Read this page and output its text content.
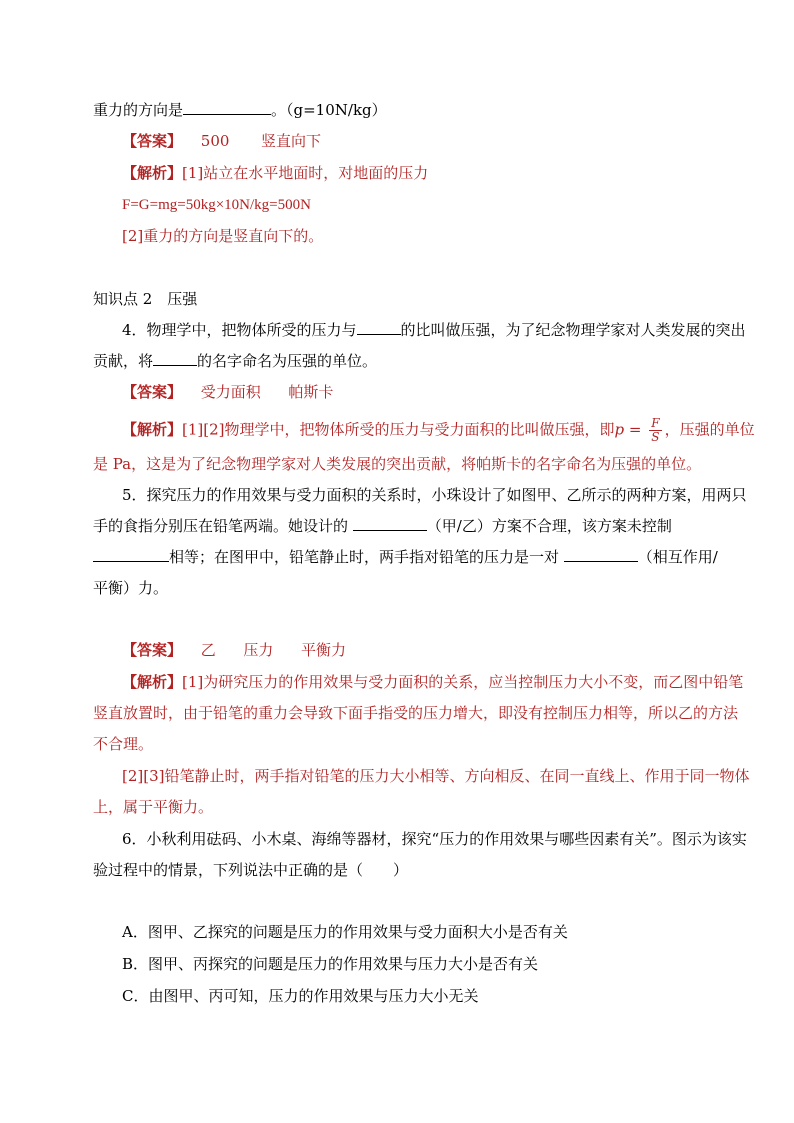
重力的方向是	。（g=10N/kg）
【答案】 500 竖直向下
【解析】[1]站立在水平地面时，对地面的压力
F=G=mg=50kg×10N/kg=500N
[2]重力的方向是竖直向下的。
知识点 2　压强
4．物理学中，把物体所受的压力与	的比叫做压强，为了纪念物理学家对人类发展的突出
贡献，将	的名字命名为压强的单位。
【答案】 受力面积 帕斯卡
【解析】[1][2]物理学中，把物体所受的压力与受力面积的比叫做压强，即$p = \frac{F}{S}$ ，压强的单位
是 Pa，这是为了纪念物理学家对人类发展的突出贡献，将帕斯卡的名字命名为压强的单位。
5．探究压力的作用效果与受力面积的关系时，小珠设计了如图甲、乙所示的两种方案，用两只
手的食指分别压在铅笔两端。她设计的	（甲/乙）方案不合理，该方案未控制
相等；在图甲中，铅笔静止时，两手指对铅笔的压力是一对	（相互作用/
平衡）力。
【答案】 乙 压力 平衡力
【解析】[1]为研究压力的作用效果与受力面积的关系，应当控制压力大小不变，而乙图中铅笔
竖直放置时，由于铅笔的重力会导致下面手指受的压力增大，即没有控制压力相等，所以乙的方法
不合理。
[2][3]铅笔静止时，两手指对铅笔的压力大小相等、方向相反、在同一直线上、作用于同一物体
上，属于平衡力。
6．小秋利用砝码、小木桌、海绵等器材，探究“压力的作用效果与哪些因素有关”。图示为该实
验过程中的情景，下列说法中正确的是（　　）
A．图甲、乙探究的问题是压力的作用效果与受力面积大小是否有关
B．图甲、丙探究的问题是压力的作用效果与压力大小是否有关
C．由图甲、丙可知，压力的作用效果与压力大小无关
